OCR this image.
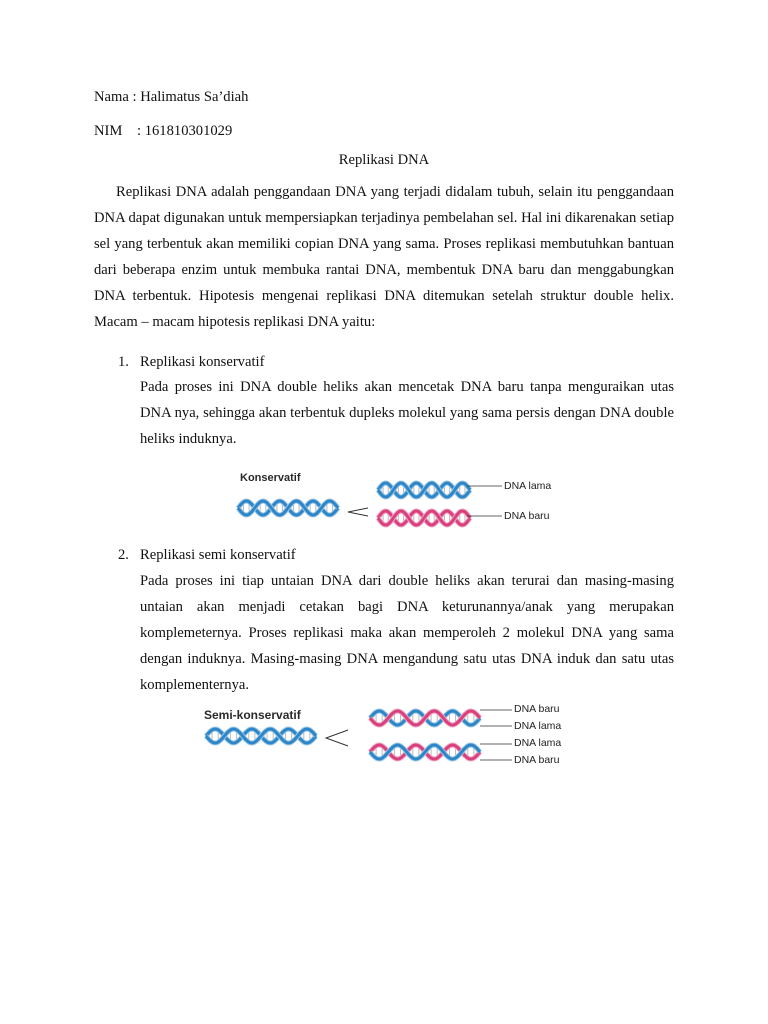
Nama : Halimatus Sa’diah
NIM    : 161810301029
Replikasi DNA
Replikasi DNA adalah penggandaan DNA yang terjadi didalam tubuh, selain itu penggandaan DNA dapat digunakan untuk mempersiapkan terjadinya pembelahan sel. Hal ini dikarenakan setiap sel yang terbentuk akan memiliki copian DNA yang sama. Proses replikasi membutuhkan bantuan dari beberapa enzim untuk membuka rantai DNA, membentuk DNA baru dan menggabungkan DNA terbentuk. Hipotesis mengenai replikasi DNA ditemukan setelah struktur double helix. Macam – macam hipotesis replikasi DNA yaitu:
1. Replikasi konservatif
Pada proses ini DNA double heliks akan mencetak DNA baru tanpa menguraikan utas DNA nya, sehingga akan terbentuk dupleks molekul yang sama persis dengan DNA double heliks induknya.
Konservatif
DNA lama
DNA baru
2. Replikasi semi konservatif
Pada proses ini tiap untaian DNA dari double heliks akan terurai dan masing-masing untaian akan menjadi cetakan bagi DNA keturunannya/anak yang merupakan komplemeternya. Proses replikasi maka akan memperoleh 2 molekul DNA yang sama dengan induknya. Masing-masing DNA mengandung satu utas DNA induk dan satu utas komplementernya.
Semi-konservatif	DNA baru
DNA lama
DNA lama
DNA baru
